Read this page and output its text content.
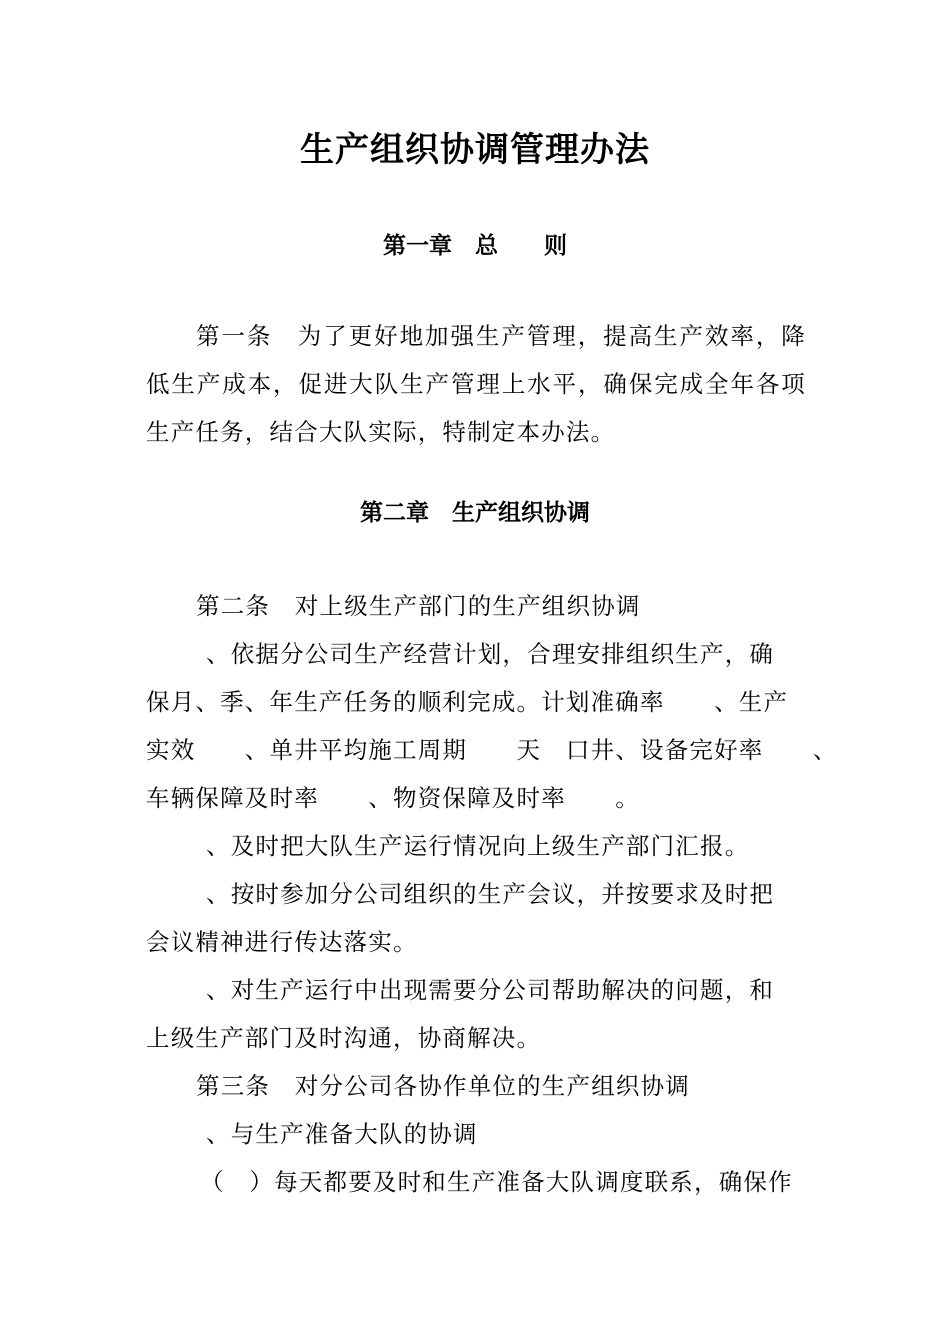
生产组织协调管理办法
第一章　总　　则
第一条　为了更好地加强生产管理，提高生产效率，降低生产成本，促进大队生产管理上水平，确保完成全年各项生产任务，结合大队实际，特制定本办法。
第二章　生产组织协调
第二条　对上级生产部门的生产组织协调
、依据分公司生产经营计划，合理安排组织生产，确
保月、季、年生产任务的顺利完成。计划准确率　　、生产
实效　　、单井平均施工周期　　天　口井、设备完好率　　、
车辆保障及时率　　、物资保障及时率　　。
、及时把大队生产运行情况向上级生产部门汇报。
、按时参加分公司组织的生产会议，并按要求及时把
会议精神进行传达落实。
、对生产运行中出现需要分公司帮助解决的问题，和
上级生产部门及时沟通，协商解决。
第三条　对分公司各协作单位的生产组织协调
、与生产准备大队的协调
（　）每天都要及时和生产准备大队调度联系，确保作
